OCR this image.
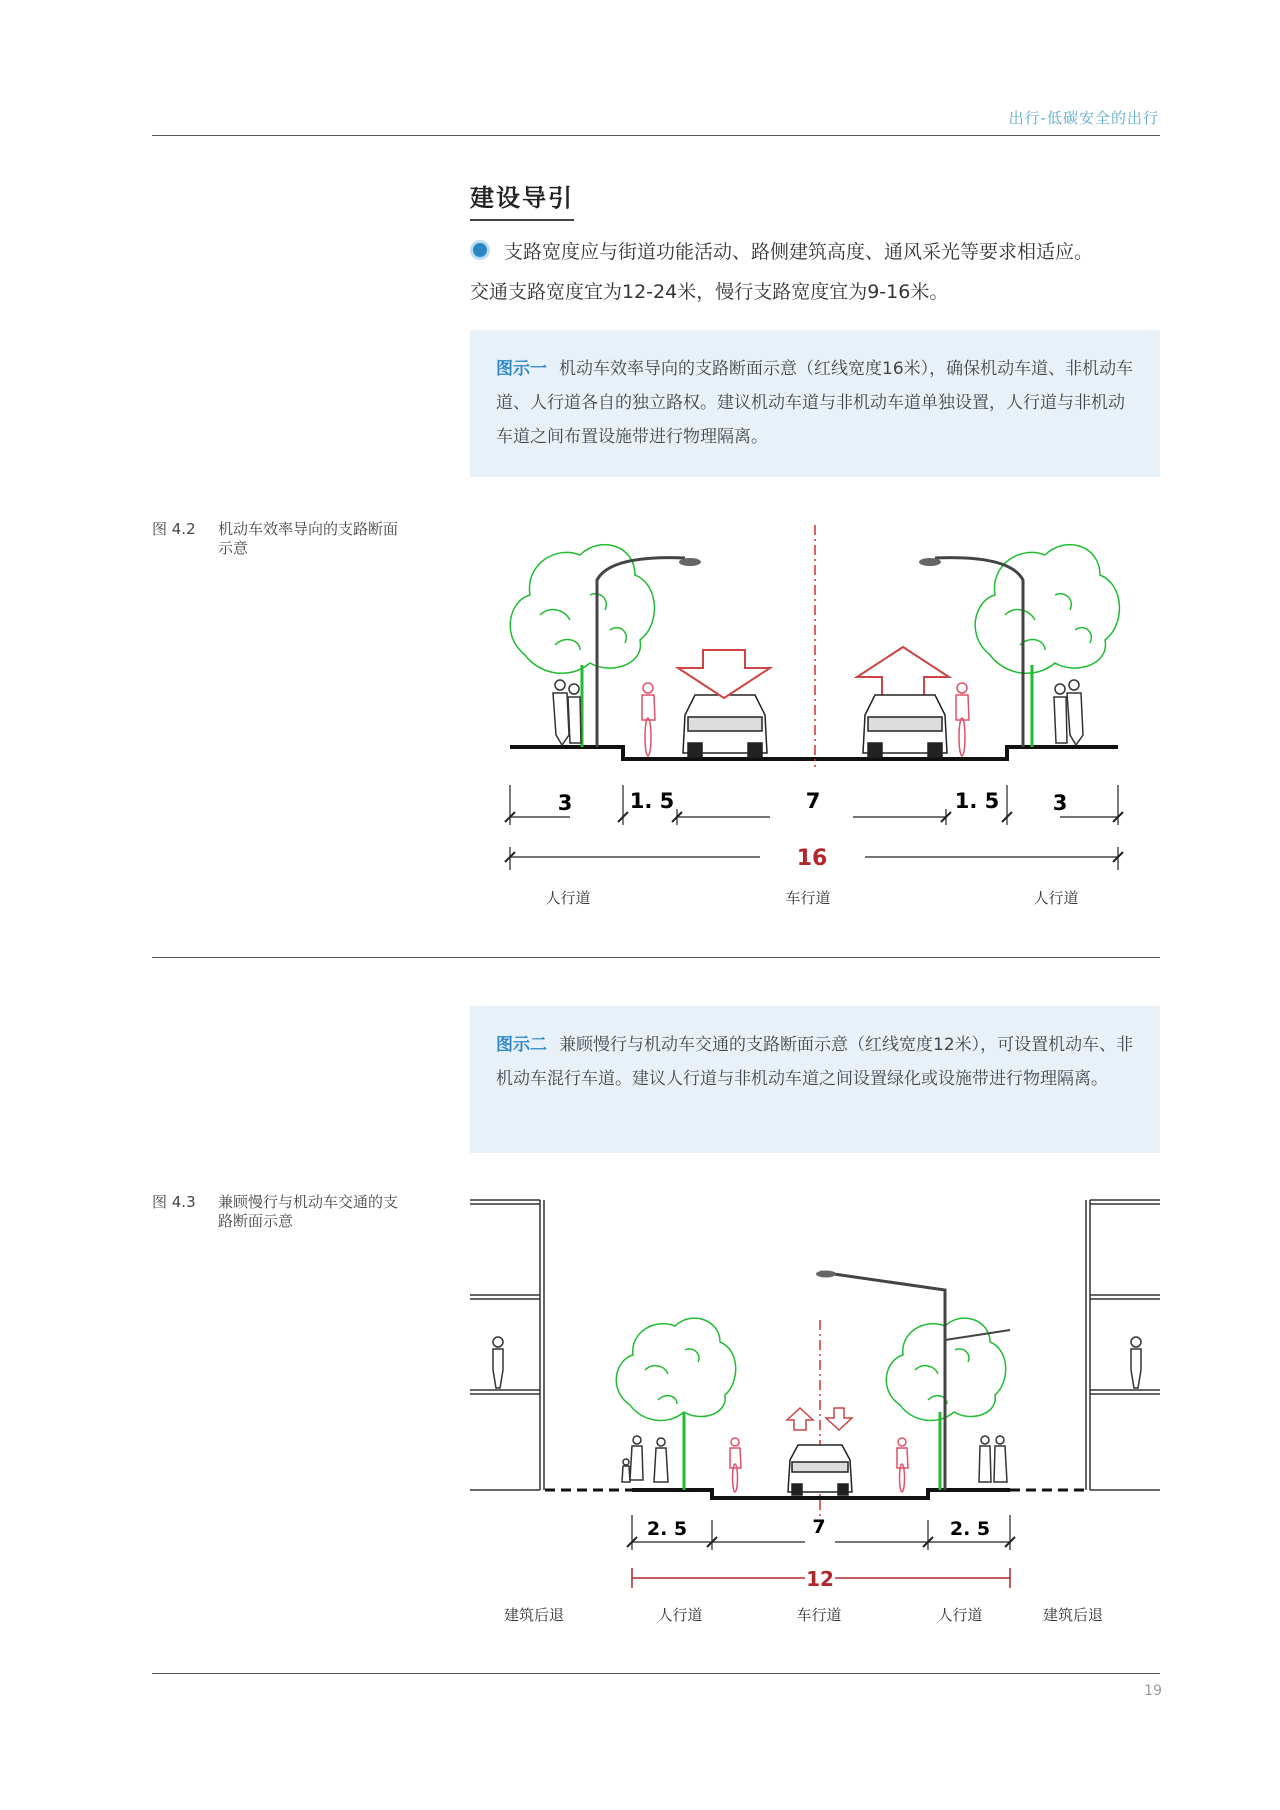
出行-低碳安全的出行
建设导引
支路宽度应与街道功能活动、路侧建筑高度、通风采光等要求相适应。
交通支路宽度宜为12-24米，慢行支路宽度宜为9-16米。
图示一 机动车效率导向的支路断面示意（红线宽度16米），确保机动车道、非机动车道、人行道各自的独立路权。建议机动车道与非机动车道单独设置，人行道与非机动车道之间布置设施带进行物理隔离。
图 4.2 机动车效率导向的支路断面示意
3	1. 5	7	1. 5	3
16
人行道	车行道	人行道
图示二 兼顾慢行与机动车交通的支路断面示意（红线宽度12米），可设置机动车、非机动车混行车道。建议人行道与非机动车道之间设置绿化或设施带进行物理隔离。
图 4.3 兼顾慢行与机动车交通的支路断面示意
2. 5	7	2. 5
12
建筑后退	人行道	车行道	人行道	建筑后退
19
